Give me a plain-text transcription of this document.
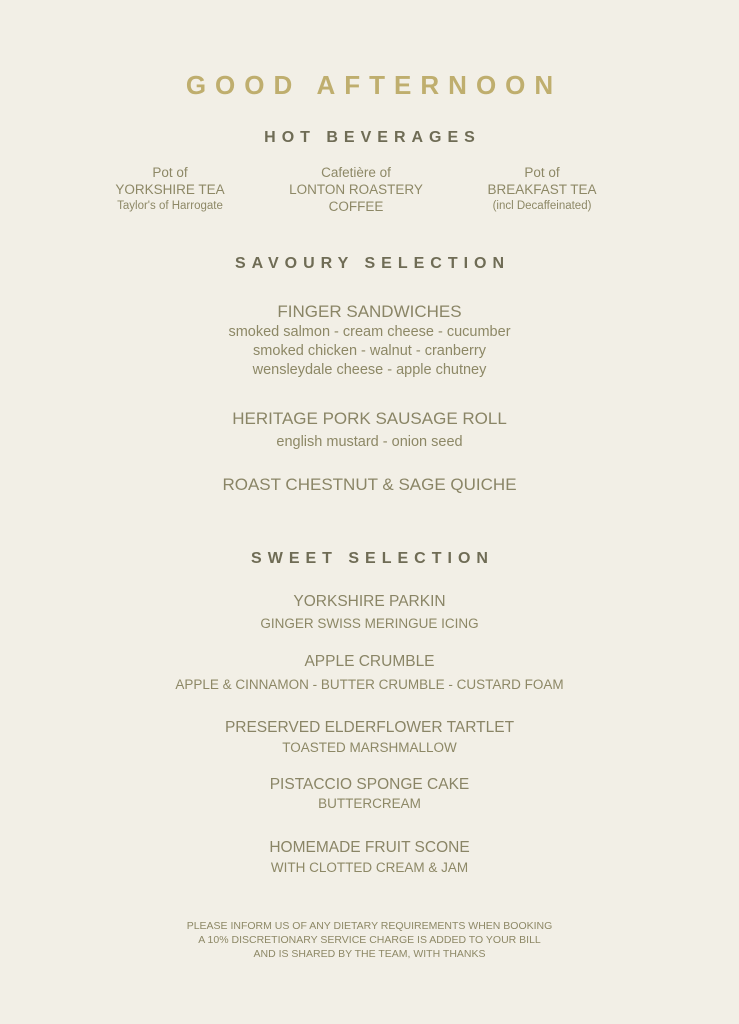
GOOD AFTERNOON
HOT BEVERAGES
Pot of
YORKSHIRE TEA
Taylor's of Harrogate
Cafetière of
LONTON ROASTERY
COFFEE
Pot of
BREAKFAST TEA
(incl Decaffeinated)
SAVOURY SELECTION
FINGER SANDWICHES
smoked salmon - cream cheese - cucumber
smoked chicken - walnut - cranberry
wensleydale cheese - apple chutney
HERITAGE PORK SAUSAGE ROLL
english mustard - onion seed
ROAST CHESTNUT & SAGE QUICHE
SWEET SELECTION
YORKSHIRE PARKIN
GINGER SWISS MERINGUE ICING
APPLE CRUMBLE
APPLE & CINNAMON - BUTTER CRUMBLE - CUSTARD FOAM
PRESERVED ELDERFLOWER TARTLET
TOASTED MARSHMALLOW
PISTACCIO SPONGE CAKE
BUTTERCREAM
HOMEMADE FRUIT SCONE
WITH CLOTTED CREAM & JAM
PLEASE INFORM US OF ANY DIETARY REQUIREMENTS WHEN BOOKING
A 10% DISCRETIONARY SERVICE CHARGE IS ADDED TO YOUR BILL
AND IS SHARED BY THE TEAM, WITH THANKS
